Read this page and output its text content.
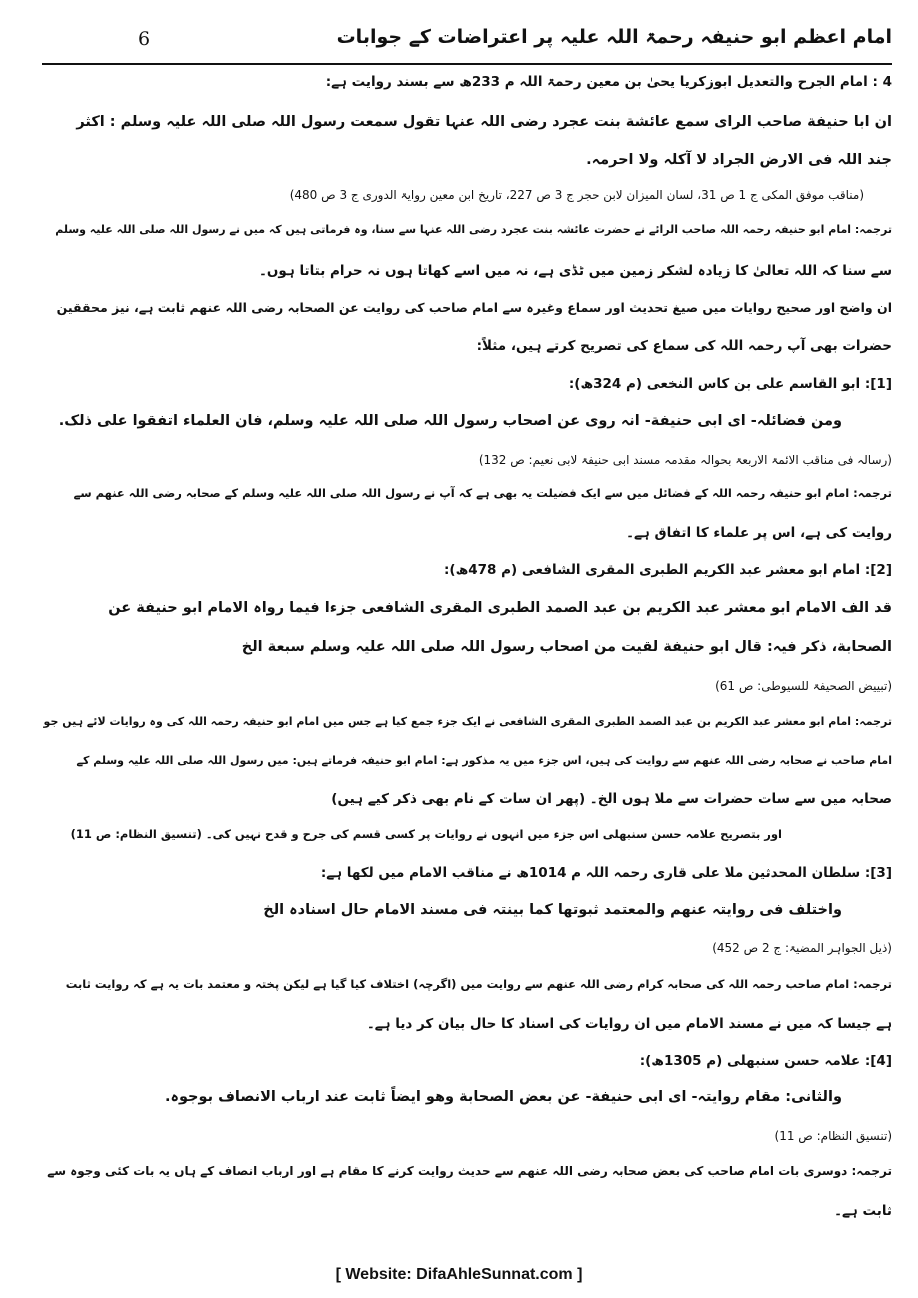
امام اعظم ابو حنیفہ رحمۃ اللہ علیہ پر اعتراضات کے جوابات
6
4 : امام الجرح والتعدیل ابوزکریا یحیٰ بن معین رحمۃ اللہ م 233ھ سے بسند روایت ہے:
ان ابا حنیفة صاحب الرای سمع عائشة بنت عجرد رضی اللہ عنہا تقول سمعت رسول اللہ صلی اللہ علیہ وسلم : اکثر
جند اللہ فی الارض الجراد لا آکلہ ولا احرمہ.
(مناقب موفق المکی ج 1 ص 31، لسان المیزان لابن حجر ج 3 ص 227، تاریخ ابن معین روایۃ الدوری ج 3 ص 480)
ترجمہ: امام ابو حنیفہ رحمہ اللہ صاحب الرائے نے حضرت عائشہ بنت عجرد رضی اللہ عنہا سے سنا، وہ فرماتی ہیں کہ میں نے رسول اللہ صلی اللہ علیہ وسلم
سے سنا کہ اللہ تعالیٰ کا زیادہ لشکر زمین میں ٹڈی ہے، نہ میں اسے کھاتا ہوں نہ حرام بتاتا ہوں۔
ان واضح اور صحیح روایات میں صیغ تحدیث اور سماع وغیرہ سے امام صاحب کی روایت عن الصحابہ رضی اللہ عنھم ثابت ہے، نیز محققین
حضرات بھی آپ رحمہ اللہ کی سماع کی تصریح کرتے ہیں، مثلاً:
[1]: ابو القاسم علی بن کاس النخعی (م 324ھ):
ومن فضائلہ- ای ابی حنیفة- انہ روی عن اصحاب رسول اللہ صلی اللہ علیہ وسلم، فان العلماء اتفقوا علی ذلک.
(رسالہ فی مناقب الائمۃ الاربعۃ بحوالہ مقدمہ مسند ابی حنیفۃ لابی نعیم: ص 132)
ترجمہ: امام ابو حنیفہ رحمہ اللہ کے فضائل میں سے ایک فضیلت یہ بھی ہے کہ آپ نے رسول اللہ صلی اللہ علیہ وسلم کے صحابہ رضی اللہ عنھم سے
روایت کی ہے، اس پر علماء کا اتفاق ہے۔
[2]: امام ابو معشر عبد الکریم الطبری المقری الشافعی (م 478ھ):
قد الف الامام ابو معشر عبد الکریم بن عبد الصمد الطبری المقری الشافعی جزءا فیما رواہ الامام ابو حنیفة عن
الصحابة، ذکر فیہ: قال ابو حنیفة لقیت من اصحاب رسول اللہ صلی اللہ علیہ وسلم سبعة الخ
(تبییض الصحیفۃ للسیوطی: ص 61)
ترجمہ: امام ابو معشر عبد الکریم بن عبد الصمد الطبری المقری الشافعی نے ایک جزء جمع کیا ہے جس میں امام ابو حنیفہ رحمہ اللہ کی وہ روایات لائے ہیں جو
امام صاحب نے صحابہ رضی اللہ عنھم سے روایت کی ہیں، اس جزء میں یہ مذکور ہے: امام ابو حنیفہ فرماتے ہیں: میں رسول اللہ صلی اللہ علیہ وسلم کے
صحابہ میں سے سات حضرات سے ملا ہوں الخ۔ (پھر ان سات کے نام بھی ذکر کیے ہیں)
اور بتصریح علامہ حسن سنبھلی اس جزء میں انہوں نے روایات پر کسی قسم کی جرح و قدح نہیں کی۔ (تنسیق النظام: ص 11)
[3]: سلطان المحدثین ملا علی قاری رحمہ اللہ م 1014ھ نے مناقب الامام میں لکھا ہے:
واختلف فی روایتہ عنھم والمعتمد ثبوتھا کما بینتہ فی مسند الامام حال اسنادہ الخ
(ذیل الجواہر المضیۃ: ج 2 ص 452)
ترجمہ: امام صاحب رحمہ اللہ کی صحابہ کرام رضی اللہ عنھم سے روایت میں (اگرچہ) اختلاف کیا گیا ہے لیکن پختہ و معتمد بات یہ ہے کہ روایت ثابت
ہے جیسا کہ میں نے مسند الامام میں ان روایات کی اسناد کا حال بیان کر دیا ہے۔
[4]: علامہ حسن سنبھلی (م 1305ھ):
والثانی: مقام روایتہ- ای ابی حنیفة- عن بعض الصحابة وھو ایضاً ثابت عند ارباب الانصاف بوجوہ.
(تنسیق النظام: ص 11)
ترجمہ: دوسری بات امام صاحب کی بعض صحابہ رضی اللہ عنھم سے حدیث روایت کرنے کا مقام ہے اور ارباب انصاف کے ہاں یہ بات کئی وجوہ سے
ثابت ہے۔
[ Website: DifaAhleSunnat.com ]
